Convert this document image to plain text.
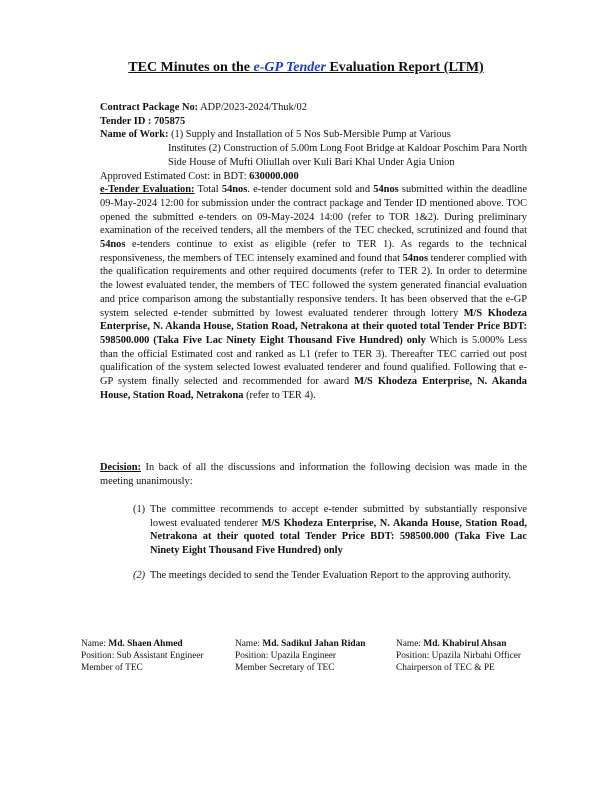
TEC Minutes on the e-GP Tender Evaluation Report (LTM)
Contract Package No: ADP/2023-2024/Thuk/02
Tender ID : 705875
Name of Work: (1) Supply and Installation of 5 Nos Sub-Mersible Pump at Various
Institutes (2) Construction of 5.00m Long Foot Bridge at Kaldoar Poschim Para North Side House of Mufti Oliullah over Kuli Bari Khal Under Agia Union
Approved Estimated Cost: in BDT: 630000.000
e-Tender Evaluation: Total 54nos. e-tender document sold and 54nos submitted within the deadline 09-May-2024 12:00 for submission under the contract package and Tender ID mentioned above. TOC opened the submitted e-tenders on 09-May-2024 14:00 (refer to TOR 1&2). During preliminary examination of the received tenders, all the members of the TEC checked, scrutinized and found that 54nos e-tenders continue to exist as eligible (refer to TER 1). As regards to the technical responsiveness, the members of TEC intensely examined and found that 54nos tenderer complied with the qualification requirements and other required documents (refer to TER 2). In order to determine the lowest evaluated tender, the members of TEC followed the system generated financial evaluation and price comparison among the substantially responsive tenders. It has been observed that the e-GP system selected e-tender submitted by lowest evaluated tenderer through lottery M/S Khodeza Enterprise, N. Akanda House, Station Road, Netrakona at their quoted total Tender Price BDT: 598500.000 (Taka Five Lac Ninety Eight Thousand Five Hundred) only Which is 5.000% Less than the official Estimated cost and ranked as L1 (refer to TER 3). Thereafter TEC carried out post qualification of the system selected lowest evaluated tenderer and found qualified. Following that e-GP system finally selected and recommended for award M/S Khodeza Enterprise, N. Akanda House, Station Road, Netrakona (refer to TER 4).
Decision: In back of all the discussions and information the following decision was made in the meeting unanimously:
(1) The committee recommends to accept e-tender submitted by substantially responsive lowest evaluated tenderer M/S Khodeza Enterprise, N. Akanda House, Station Road, Netrakona at their quoted total Tender Price BDT: 598500.000 (Taka Five Lac Ninety Eight Thousand Five Hundred) only
(2) The meetings decided to send the Tender Evaluation Report to the approving authority.
Name: Md. Shaen Ahmed
Position: Sub Assistant Engineer
Member of TEC
Name: Md. Sadikul Jahan Ridan
Position: Upazila Engineer
Member Secretary of TEC
Name: Md. Khabirul Ahsan
Position: Upazila Nirbahi Officer
Chairperson of TEC & PE
